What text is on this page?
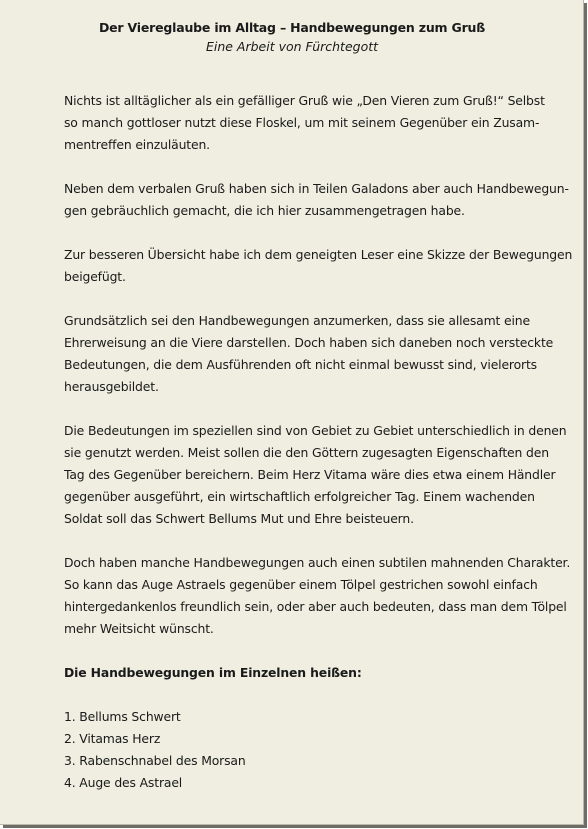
Der Viereglaube im Alltag – Handbewegungen zum Gruß
Eine Arbeit von Fürchtegott
Nichts ist alltäglicher als ein gefälliger Gruß wie „Den Vieren zum Gruß!“ Selbst
so manch gottloser nutzt diese Floskel, um mit seinem Gegenüber ein Zusam-
mentreffen einzuläuten.
Neben dem verbalen Gruß haben sich in Teilen Galadons aber auch Handbewegun-
gen gebräuchlich gemacht, die ich hier zusammengetragen habe.
Zur besseren Übersicht habe ich dem geneigten Leser eine Skizze der Bewegungen
beigefügt.
Grundsätzlich sei den Handbewegungen anzumerken, dass sie allesamt eine
Ehrerweisung an die Viere darstellen. Doch haben sich daneben noch versteckte
Bedeutungen, die dem Ausführenden oft nicht einmal bewusst sind, vielerorts
herausgebildet.
Die Bedeutungen im speziellen sind von Gebiet zu Gebiet unterschiedlich in denen
sie genutzt werden. Meist sollen die den Göttern zugesagten Eigenschaften den
Tag des Gegenüber bereichern. Beim Herz Vitama wäre dies etwa einem Händler
gegenüber ausgeführt, ein wirtschaftlich erfolgreicher Tag. Einem wachenden
Soldat soll das Schwert Bellums Mut und Ehre beisteuern.
Doch haben manche Handbewegungen auch einen subtilen mahnenden Charakter.
So kann das Auge Astraels gegenüber einem Tölpel gestrichen sowohl einfach
hintergedankenlos freundlich sein, oder aber auch bedeuten, dass man dem Tölpel
mehr Weitsicht wünscht.
Die Handbewegungen im Einzelnen heißen:
1. Bellums Schwert
2. Vitamas Herz
3. Rabenschnabel des Morsan
4. Auge des Astrael
